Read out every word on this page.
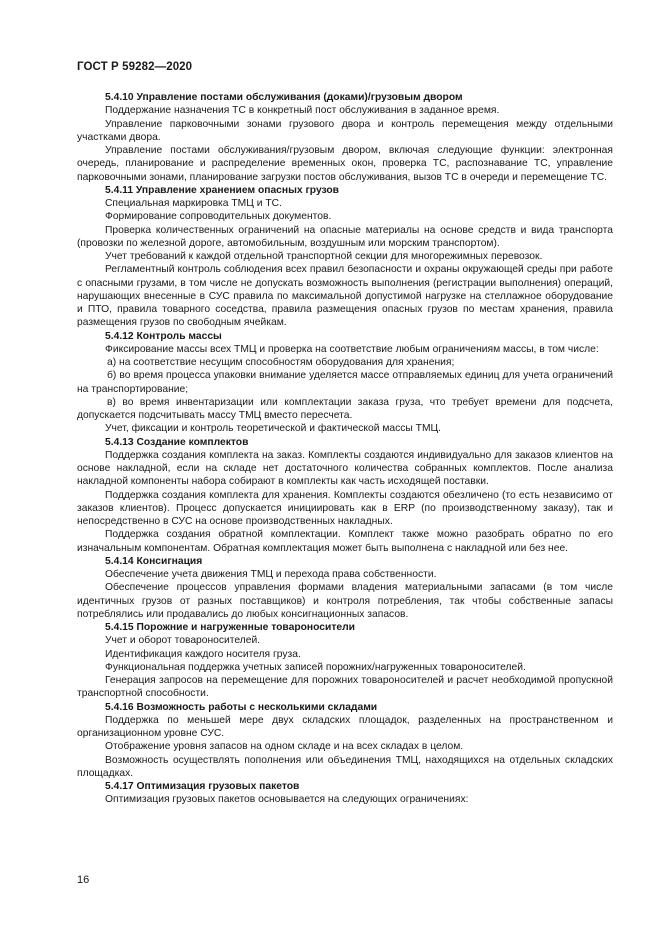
ГОСТ Р 59282—2020

5.4.10 Управление постами обслуживания (доками)/грузовым двором

Поддержание назначения ТС в конкретный пост обслуживания в заданное время.

Управление парковочными зонами грузового двора и контроль перемещения между отдельными участками двора.

Управление постами обслуживания/грузовым двором, включая следующие функции: электронная очередь, планирование и распределение временных окон, проверка ТС, распознавание ТС, управление парковочными зонами, планирование загрузки постов обслуживания, вызов ТС в очереди и перемещение ТС.

5.4.11 Управление хранением опасных грузов

Специальная маркировка ТМЦ и ТС.

Формирование сопроводительных документов.

Проверка количественных ограничений на опасные материалы на основе средств и вида транспорта (провозки по железной дороге, автомобильным, воздушным или морским транспортом).

Учет требований к каждой отдельной транспортной секции для многорежимных перевозок.

Регламентный контроль соблюдения всех правил безопасности и охраны окружающей среды при работе с опасными грузами, в том числе не допускать возможность выполнения (регистрации выполнения) операций, нарушающих внесенные в СУС правила по максимальной допустимой нагрузке на стеллажное оборудование и ПТО, правила товарного соседства, правила размещения опасных грузов по местам хранения, правила размещения грузов по свободным ячейкам.

5.4.12 Контроль массы

Фиксирование массы всех ТМЦ и проверка на соответствие любым ограничениям массы, в том числе:

а) на соответствие несущим способностям оборудования для хранения;

б) во время процесса упаковки внимание уделяется массе отправляемых единиц для учета ограничений на транспортирование;

в) во время инвентаризации или комплектации заказа груза, что требует времени для подсчета, допускается подсчитывать массу ТМЦ вместо пересчета.

Учет, фиксации и контроль теоретической и фактической массы ТМЦ.

5.4.13 Создание комплектов

Поддержка создания комплекта на заказ. Комплекты создаются индивидуально для заказов клиентов на основе накладной, если на складе нет достаточного количества собранных комплектов. После анализа накладной компоненты набора собирают в комплекты как часть исходящей поставки.

Поддержка создания комплекта для хранения. Комплекты создаются обезличено (то есть независимо от заказов клиентов). Процесс допускается инициировать как в ERP (по производственному заказу), так и непосредственно в СУС на основе производственных накладных.

Поддержка создания обратной комплектации. Комплект также можно разобрать обратно по его изначальным компонентам. Обратная комплектация может быть выполнена с накладной или без нее.

5.4.14 Консигнация

Обеспечение учета движения ТМЦ и перехода права собственности.

Обеспечение процессов управления формами владения материальными запасами (в том числе идентичных грузов от разных поставщиков) и контроля потребления, так чтобы собственные запасы потреблялись или продавались до любых консигнационных запасов.

5.4.15 Порожние и нагруженные товароносители

Учет и оборот товароносителей.

Идентификация каждого носителя груза.

Функциональная поддержка учетных записей порожних/нагруженных товароносителей.

Генерация запросов на перемещение для порожних товароносителей и расчет необходимой пропускной транспортной способности.

5.4.16 Возможность работы с несколькими складами

Поддержка по меньшей мере двух складских площадок, разделенных на пространственном и организационном уровне СУС.

Отображение уровня запасов на одном складе и на всех складах в целом.

Возможность осуществлять пополнения или объединения ТМЦ, находящихся на отдельных складских площадках.

5.4.17 Оптимизация грузовых пакетов

Оптимизация грузовых пакетов основывается на следующих ограничениях:

16
